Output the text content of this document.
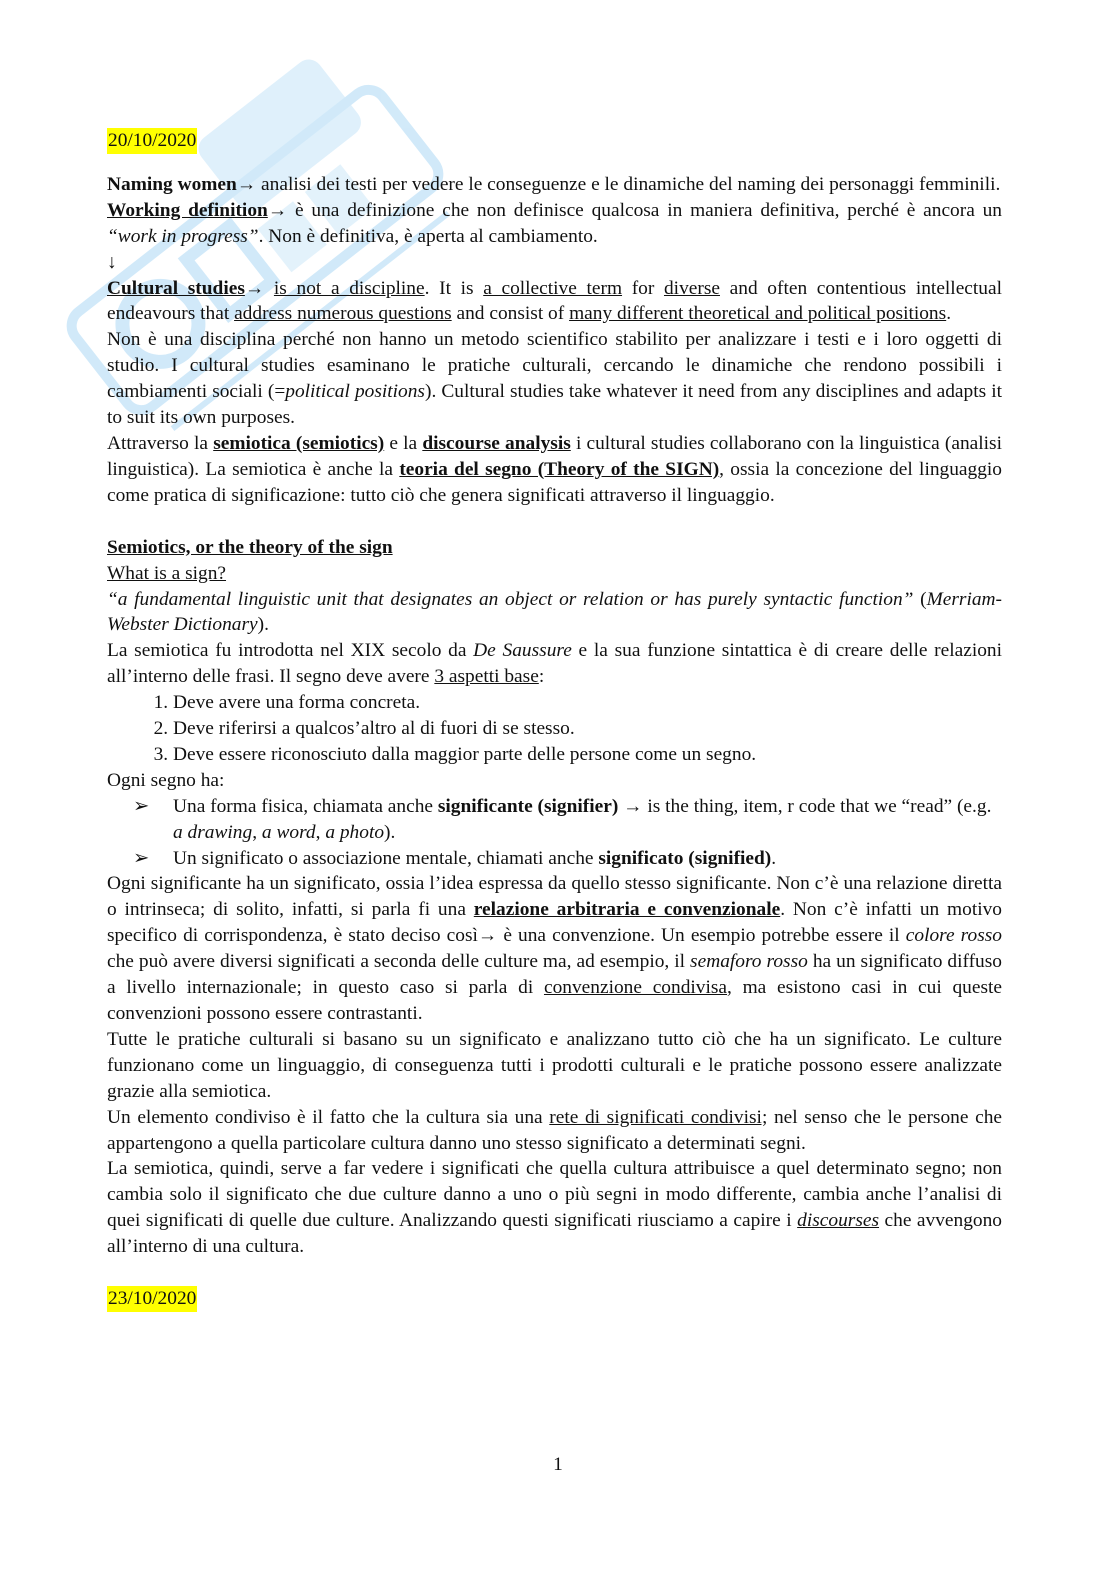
20/10/2020

Naming women→ analisi dei testi per vedere le conseguenze e le dinamiche del naming dei personaggi femminili.

Working definition→ è una definizione che non definisce qualcosa in maniera definitiva, perché è ancora un “work in progress”. Non è definitiva, è aperta al cambiamento.

↓

Cultural studies→ is not a discipline. It is a collective term for diverse and often contentious intellectual endeavours that address numerous questions and consist of many different theoretical and political positions.

Non è una disciplina perché non hanno un metodo scientifico stabilito per analizzare i testi e i loro oggetti di studio. I cultural studies esaminano le pratiche culturali, cercando le dinamiche che rendono possibili i cambiamenti sociali (=political positions). Cultural studies take whatever it need from any disciplines and adapts it to suit its own purposes.

Attraverso la semiotica (semiotics) e la discourse analysis i cultural studies collaborano con la linguistica (analisi linguistica). La semiotica è anche la teoria del segno (Theory of the SIGN), ossia la concezione del linguaggio come pratica di significazione: tutto ciò che genera significati attraverso il linguaggio.

Semiotics, or the theory of the sign

What is a sign?

“a fundamental linguistic unit that designates an object or relation or has purely syntactic function” (Merriam-Webster Dictionary).

La semiotica fu introdotta nel XIX secolo da De Saussure e la sua funzione sintattica è di creare delle relazioni all’interno delle frasi. Il segno deve avere 3 aspetti base:

1. Deve avere una forma concreta.
2. Deve riferirsi a qualcos’altro al di fuori di se stesso.
3. Deve essere riconosciuto dalla maggior parte delle persone come un segno.

Ogni segno ha:

➢ Una forma fisica, chiamata anche significante (signifier) → is the thing, item, r code that we “read” (e.g. a drawing, a word, a photo).
➢ Un significato o associazione mentale, chiamati anche significato (signified).

Ogni significante ha un significato, ossia l’idea espressa da quello stesso significante. Non c’è una relazione diretta o intrinseca; di solito, infatti, si parla fi una relazione arbitraria e convenzionale. Non c’è infatti un motivo specifico di corrispondenza, è stato deciso così→ è una convenzione. Un esempio potrebbe essere il colore rosso che può avere diversi significati a seconda delle culture ma, ad esempio, il semaforo rosso ha un significato diffuso a livello internazionale; in questo caso si parla di convenzione condivisa, ma esistono casi in cui queste convenzioni possono essere contrastanti.

Tutte le pratiche culturali si basano su un significato e analizzano tutto ciò che ha un significato. Le culture funzionano come un linguaggio, di conseguenza tutti i prodotti culturali e le pratiche possono essere analizzate grazie alla semiotica.

Un elemento condiviso è il fatto che la cultura sia una rete di significati condivisi; nel senso che le persone che appartengono a quella particolare cultura danno uno stesso significato a determinati segni.

La semiotica, quindi, serve a far vedere i significati che quella cultura attribuisce a quel determinato segno; non cambia solo il significato che due culture danno a uno o più segni in modo differente, cambia anche l’analisi di quei significati di quelle due culture. Analizzando questi significati riusciamo a capire i discourses che avvengono all’interno di una cultura.

23/10/2020

1
